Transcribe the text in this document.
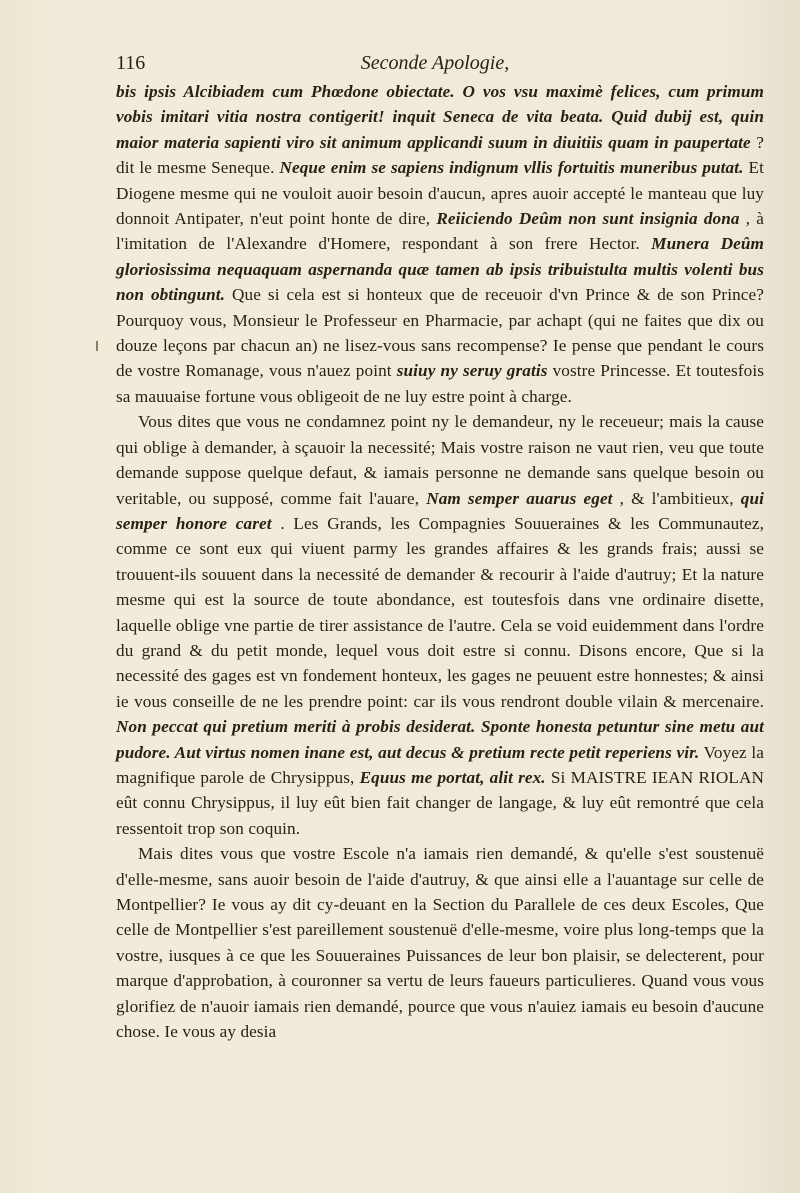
116	Seconde Apologie,

bis ipsis Alcibiadem cum Phœdone obiectate. O vos vsu maximè felices, cum primum vobis imitari vitia nostra contigerit! inquit Seneca de vita beata. Quid dubij est, quin maior materia sapienti viro sit animum applicandi suum in diuitiis quam in paupertate ? dit le mesme Seneque. Neque enim se sapiens indignum vllis fortuitis muneribus putat. Et Diogene mesme qui ne vouloit auoir besoin d'aucun, apres auoir accepté le manteau que luy donnoit Antipater, n'eut point honte de dire, Reiiciendo Deûm non sunt insignia dona , à l'imitation de l'Alexandre d'Homere, respondant à son frere Hector. Munera Deûm gloriosissima nequaquam aspernanda quæ tamen ab ipsis tribuistulta multis volenti bus non obtingunt. Que si cela est si honteux que de receuoir d'vn Prince & de son Prince? Pourquoy vous, Monsieur le Professeur en Pharmacie, par achapt (qui ne faites que dix ou douze leçons par chacun an) ne lisez-vous sans recompense? Ie pense que pendant le cours de vostre Romanage, vous n'auez point suiuy ny seruy gratis vostre Princesse. Et toutesfois sa mauuaise fortune vous obligeoit de ne luy estre point à charge.

Vous dites que vous ne condamnez point ny le demandeur, ny le receueur; mais la cause qui oblige à demander, à sçauoir la necessité; Mais vostre raison ne vaut rien, veu que toute demande suppose quelque defaut, & iamais personne ne demande sans quelque besoin ou veritable, ou supposé, comme fait l'auare, Nam semper auarus eget , & l'ambitieux, qui semper honore caret . Les Grands, les Compagnies Souueraines & les Communautez, comme ce sont eux qui viuent parmy les grandes affaires & les grands frais; aussi se trouuent-ils souuent dans la necessité de demander & recourir à l'aide d'autruy; Et la nature mesme qui est la source de toute abondance, est toutesfois dans vne ordinaire disette, laquelle oblige vne partie de tirer assistance de l'autre. Cela se void euidemment dans l'ordre du grand & du petit monde, lequel vous doit estre si connu. Disons encore, Que si la necessité des gages est vn fondement honteux, les gages ne peuuent estre honnestes; & ainsi ie vous conseille de ne les prendre point: car ils vous rendront double vilain & mercenaire. Non peccat qui pretium meriti à probis desiderat. Sponte honesta petuntur sine metu aut pudore. Aut virtus nomen inane est, aut decus & pretium recte petit reperiens vir. Voyez la magnifique parole de Chrysippus, Equus me portat, alit rex. Si MAISTRE IEAN RIOLAN eût connu Chrysippus, il luy eût bien fait changer de langage, & luy eût remontré que cela ressentoit trop son coquin.

Mais dites vous que vostre Escole n'a iamais rien demandé, & qu'elle s'est soustenuë d'elle-mesme, sans auoir besoin de l'aide d'autruy, & que ainsi elle a l'auantage sur celle de Montpellier? Ie vous ay dit cy-deuant en la Section du Parallele de ces deux Escoles, Que celle de Montpellier s'est pareillement soustenuë d'elle-mesme, voire plus long-temps que la vostre, iusques à ce que les Souueraines Puissances de leur bon plaisir, se delecterent, pour marque d'approbation, à couronner sa vertu de leurs faueurs particulieres. Quand vous vous glorifiez de n'auoir iamais rien demandé, pource que vous n'auiez iamais eu besoin d'aucune chose. Ie vous ay desia
